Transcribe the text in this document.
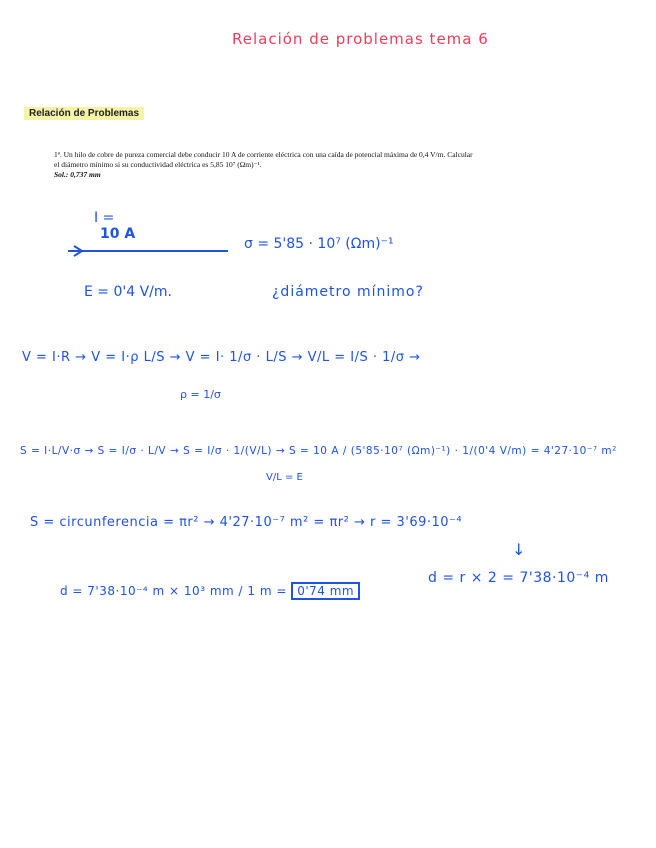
Relación de problemas tema 6
Relación de Problemas
1ª. Un hilo de cobre de pureza comercial debe conducir 10 A de corriente eléctrica con una caída de potencial máxima de 0,4 V/m. Calcular el diámetro mínimo si su conductividad eléctrica es 5,85 10⁷ (Ωm)⁻¹.
Sol.: 0,737 mm
I =
10 A
σ = 5'85 · 10⁷ (Ωm)⁻¹
E = 0'4 V/m.	¿diámetro mínimo?
V = I·R → V = I·ρ L/S → V = I· 1/σ · L/S → V/L = I/S · 1/σ →
ρ = 1/σ
S = I·L/V·σ → S = I/σ · L/V → S = I/σ · 1/(V/L) → S = 10 A / (5'85·10⁷ (Ωm)⁻¹) · 1/(0'4 V/m) = 4'27·10⁻⁷ m²
V/L = E
S = circunferencia = πr² → 4'27·10⁻⁷ m² = πr² → r = 3'69·10⁻⁴
↓
d = r × 2 = 7'38·10⁻⁴ m
d = 7'38·10⁻⁴ m × 10³ mm / 1 m = 0'74 mm
